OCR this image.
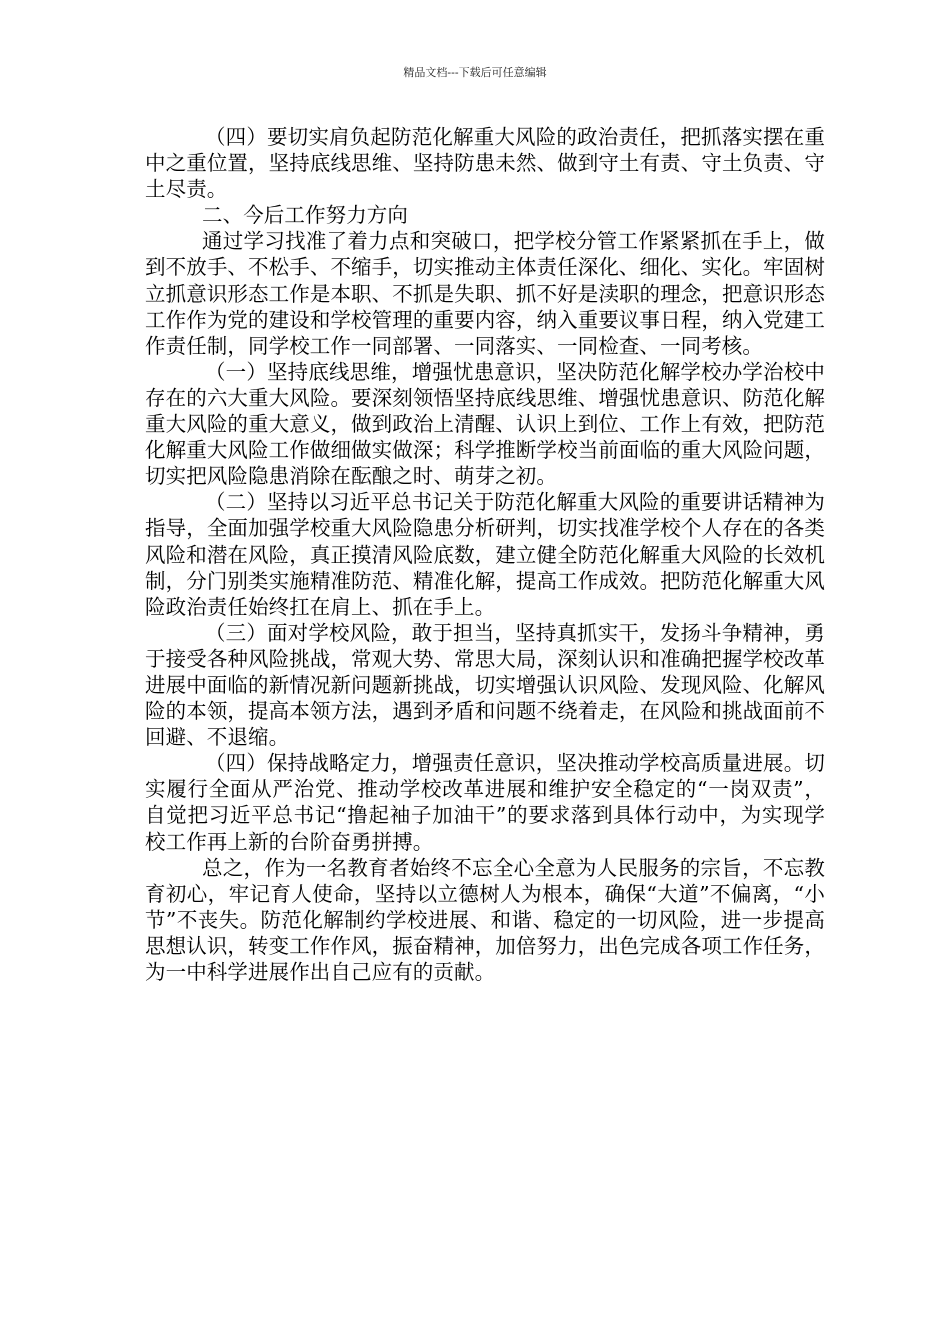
精品文档---下载后可任意编辑

（四）要切实肩负起防范化解重大风险的政治责任，把抓落实摆在重中之重位置，坚持底线思维、坚持防患未然、做到守土有责、守土负责、守土尽责。

二、今后工作努力方向

通过学习找准了着力点和突破口，把学校分管工作紧紧抓在手上，做到不放手、不松手、不缩手，切实推动主体责任深化、细化、实化。牢固树立抓意识形态工作是本职、不抓是失职、抓不好是渎职的理念，把意识形态工作作为党的建设和学校管理的重要内容，纳入重要议事日程，纳入党建工作责任制，同学校工作一同部署、一同落实、一同检查、一同考核。

（一）坚持底线思维，增强忧患意识，坚决防范化解学校办学治校中存在的六大重大风险。要深刻领悟坚持底线思维、增强忧患意识、防范化解重大风险的重大意义，做到政治上清醒、认识上到位、工作上有效，把防范化解重大风险工作做细做实做深；科学推断学校当前面临的重大风险问题，切实把风险隐患消除在酝酿之时、萌芽之初。

（二）坚持以习近平总书记关于防范化解重大风险的重要讲话精神为指导，全面加强学校重大风险隐患分析研判，切实找准学校个人存在的各类风险和潜在风险，真正摸清风险底数，建立健全防范化解重大风险的长效机制，分门别类实施精准防范、精准化解，提高工作成效。把防范化解重大风险政治责任始终扛在肩上、抓在手上。

（三）面对学校风险，敢于担当，坚持真抓实干，发扬斗争精神，勇于接受各种风险挑战，常观大势、常思大局，深刻认识和准确把握学校改革进展中面临的新情况新问题新挑战，切实增强认识风险、发现风险、化解风险的本领，提高本领方法，遇到矛盾和问题不绕着走，在风险和挑战面前不回避、不退缩。

（四）保持战略定力，增强责任意识，坚决推动学校高质量进展。切实履行全面从严治党、推动学校改革进展和维护安全稳定的“一岗双责”，自觉把习近平总书记“撸起袖子加油干”的要求落到具体行动中，为实现学校工作再上新的台阶奋勇拼搏。

总之，作为一名教育者始终不忘全心全意为人民服务的宗旨，不忘教育初心，牢记育人使命，坚持以立德树人为根本，确保“大道”不偏离，“小节”不丧失。防范化解制约学校进展、和谐、稳定的一切风险，进一步提高思想认识，转变工作作风，振奋精神，加倍努力，出色完成各项工作任务，为一中科学进展作出自己应有的贡献。
